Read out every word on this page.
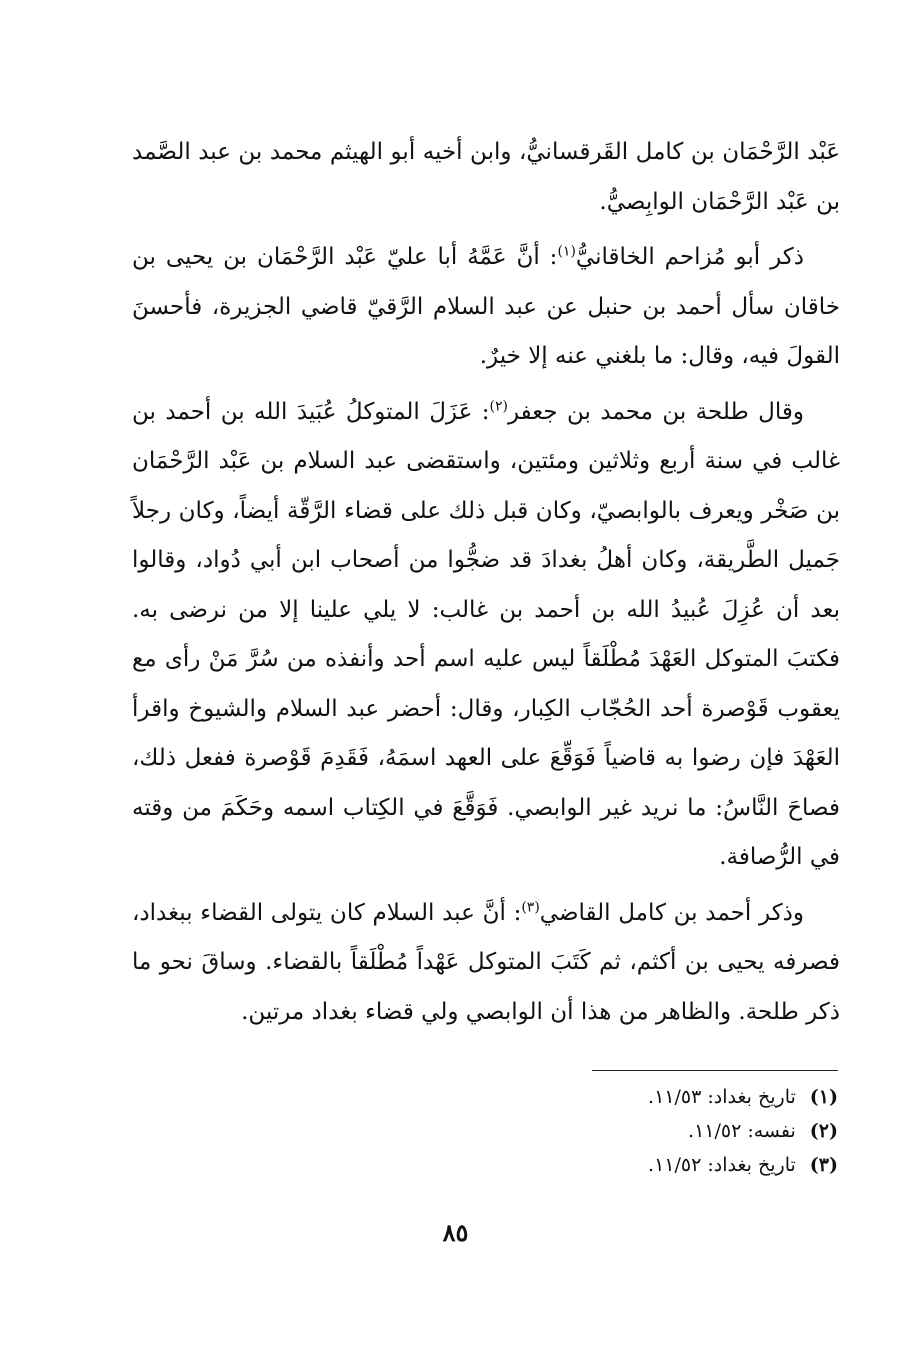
عَبْد الرَّحْمَان بن كامل القَرقسانيُّ، وابن أخيه أبو الهيثم محمد بن عبد الصَّمد بن عَبْد الرَّحْمَان الوابِصيُّ.

ذكر أبو مُزاحم الخاقانيُّ$^{(١)}$: أنَّ عَمَّهُ أبا عليّ عَبْد الرَّحْمَان بن يحيى بن خاقان سأل أحمد بن حنبل عن عبد السلام الرَّقيّ قاضي الجزيرة، فأحسنَ القولَ فيه، وقال: ما بلغني عنه إلا خيرٌ.

وقال طلحة بن محمد بن جعفر$^{(٢)}$: عَزَلَ المتوكلُ عُبَيدَ الله بن أحمد بن غالب في سنة أربع وثلاثين ومئتين، واستقضى عبد السلام بن عَبْد الرَّحْمَان بن صَخْر ويعرف بالوابصيّ، وكان قبل ذلك على قضاء الرَّقّة أيضاً، وكان رجلاً جَميل الطَّريقة، وكان أهلُ بغدادَ قد ضجُّوا من أصحاب ابن أبي دُواد، وقالوا بعد أن عُزِلَ عُبيدُ الله بن أحمد بن غالب: لا يلي علينا إلا من نرضى به. فكتبَ المتوكل العَهْدَ مُطْلَقاً ليس عليه اسم أحد وأنفذه من سُرَّ مَنْ رأى مع يعقوب قَوْصرة أحد الحُجّاب الكِبار، وقال: أحضر عبد السلام والشيوخ واقرأ العَهْدَ فإن رضوا به قاضياً فَوَقِّعَ على العهد اسمَهُ، فَقَدِمَ قَوْصرة ففعل ذلك، فصاحَ النَّاسُ: ما نريد غير الوابصي. فَوَقَّعَ في الكِتاب اسمه وحَكَمَ من وقته في الرُّصافة.

وذكر أحمد بن كامل القاضي$^{(٣)}$: أنَّ عبد السلام كان يتولى القضاء ببغداد، فصرفه يحيى بن أكثم، ثم كَتَبَ المتوكل عَهْداً مُطْلَقاً بالقضاء. وساقَ نحو ما ذكر طلحة. والظاهر من هذا أن الوابصي ولي قضاء بغداد مرتين.

(١)تاريخ بغداد: ١١/٥٣.

(٢)نفسه: ١١/٥٢.

(٣)تاريخ بغداد: ١١/٥٢.

٨٥
